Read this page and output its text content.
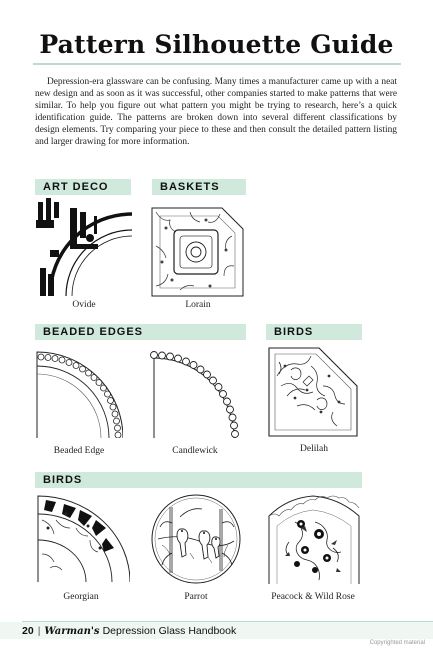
Pattern Silhouette Guide
Depression-era glassware can be confusing. Many times a manufacturer came up with a neat new design and as soon as it was successful, other companies started to make patterns that were similar. To help you figure out what pattern you might be trying to research, here’s a quick identification guide. The patterns are broken down into several different classifications by design elements. Try comparing your piece to these and then consult the detailed pattern listing and larger drawing for more information.
ART DECO	BASKETS
BEADED EDGES	BIRDS
BIRDS
Ovide	Lorain
Beaded Edge	Candlewick	Delilah
Georgian	Parrot	Peacock & Wild Rose
20 | Warman's Depression Glass Handbook
Copyrighted material
